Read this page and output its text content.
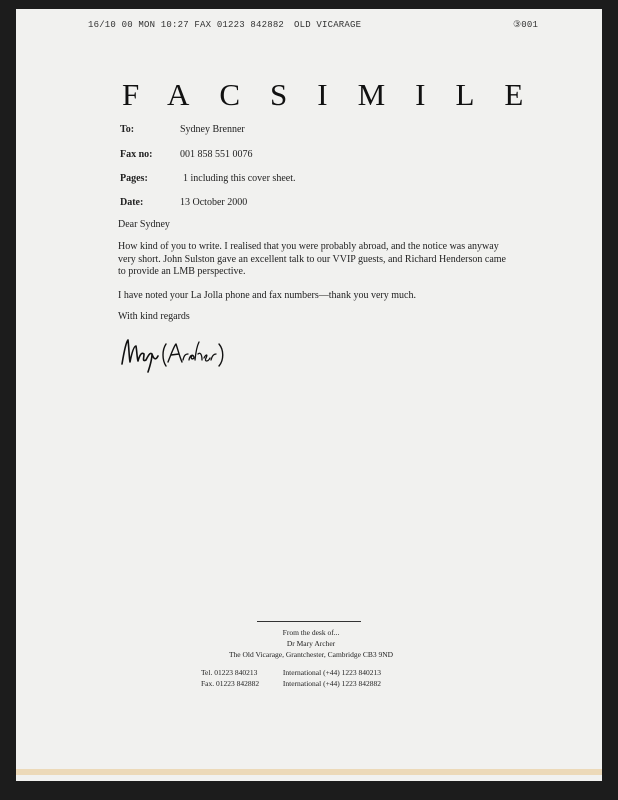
16/10 00 MON 10:27 FAX 01223 842882 OLD VICARAGE	③001
FACSIMILE
To:	Sydney Brenner
Fax no:	001 858 551 0076
Pages:	1 including this cover sheet.
Date:	13 October 2000
Dear Sydney
How kind of you to write. I realised that you were probably abroad, and the notice was anyway very short. John Sulston gave an excellent talk to our VVIP guests, and Richard Henderson came to provide an LMB perspective.
I have noted your La Jolla phone and fax numbers—thank you very much.
With kind regards
From the desk of...
Dr Mary Archer
The Old Vicarage, Grantchester, Cambridge CB3 9ND
Tel. 01223 840213	International (+44) 1223 840213
Fax. 01223 842882	International (+44) 1223 842882
